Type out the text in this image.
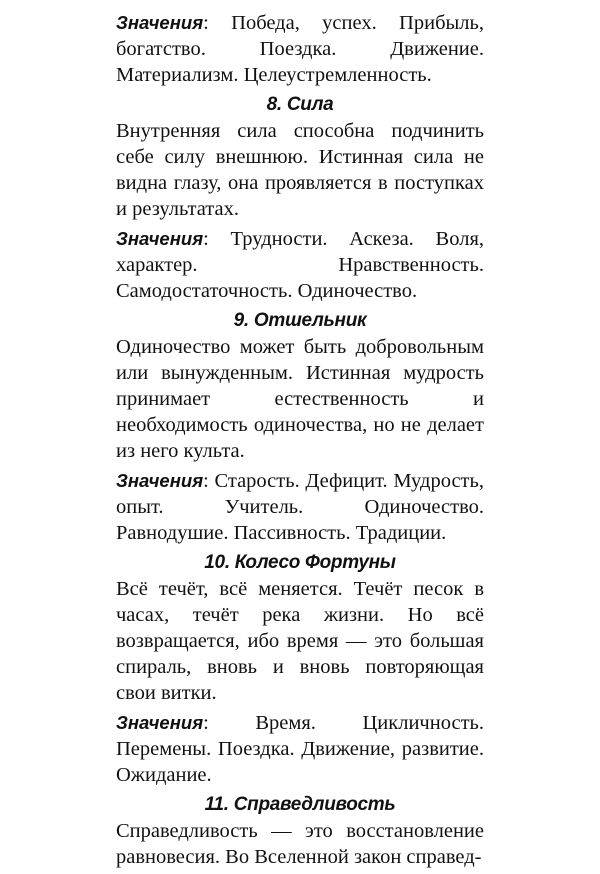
Значения: Победа, успех. Прибыль, богатство. Поездка. Движение. Материализм. Целеустремленность.

8. Сила

Внутренняя сила способна подчинить себе силу внешнюю. Истинная сила не видна глазу, она проявляется в поступках и результатах.

Значения: Трудности. Аскеза. Воля, характер. Нравственность. Самодостаточность. Одиночество.

9. Отшельник

Одиночество может быть добровольным или вынужденным. Истинная мудрость принимает естественность и необходимость одиночества, но не делает из него культа.

Значения: Старость. Дефицит. Мудрость, опыт. Учитель. Одиночество. Равнодушие. Пассивность. Традиции.

10. Колесо Фортуны

Всё течёт, всё меняется. Течёт песок в часах, течёт река жизни. Но всё возвращается, ибо время — это большая спираль, вновь и вновь повторяющая свои витки.

Значения: Время. Цикличность. Перемены. Поездка. Движение, развитие. Ожидание.

11. Справедливость

Справедливость — это восстановление равновесия. Во Вселенной закон справед-
